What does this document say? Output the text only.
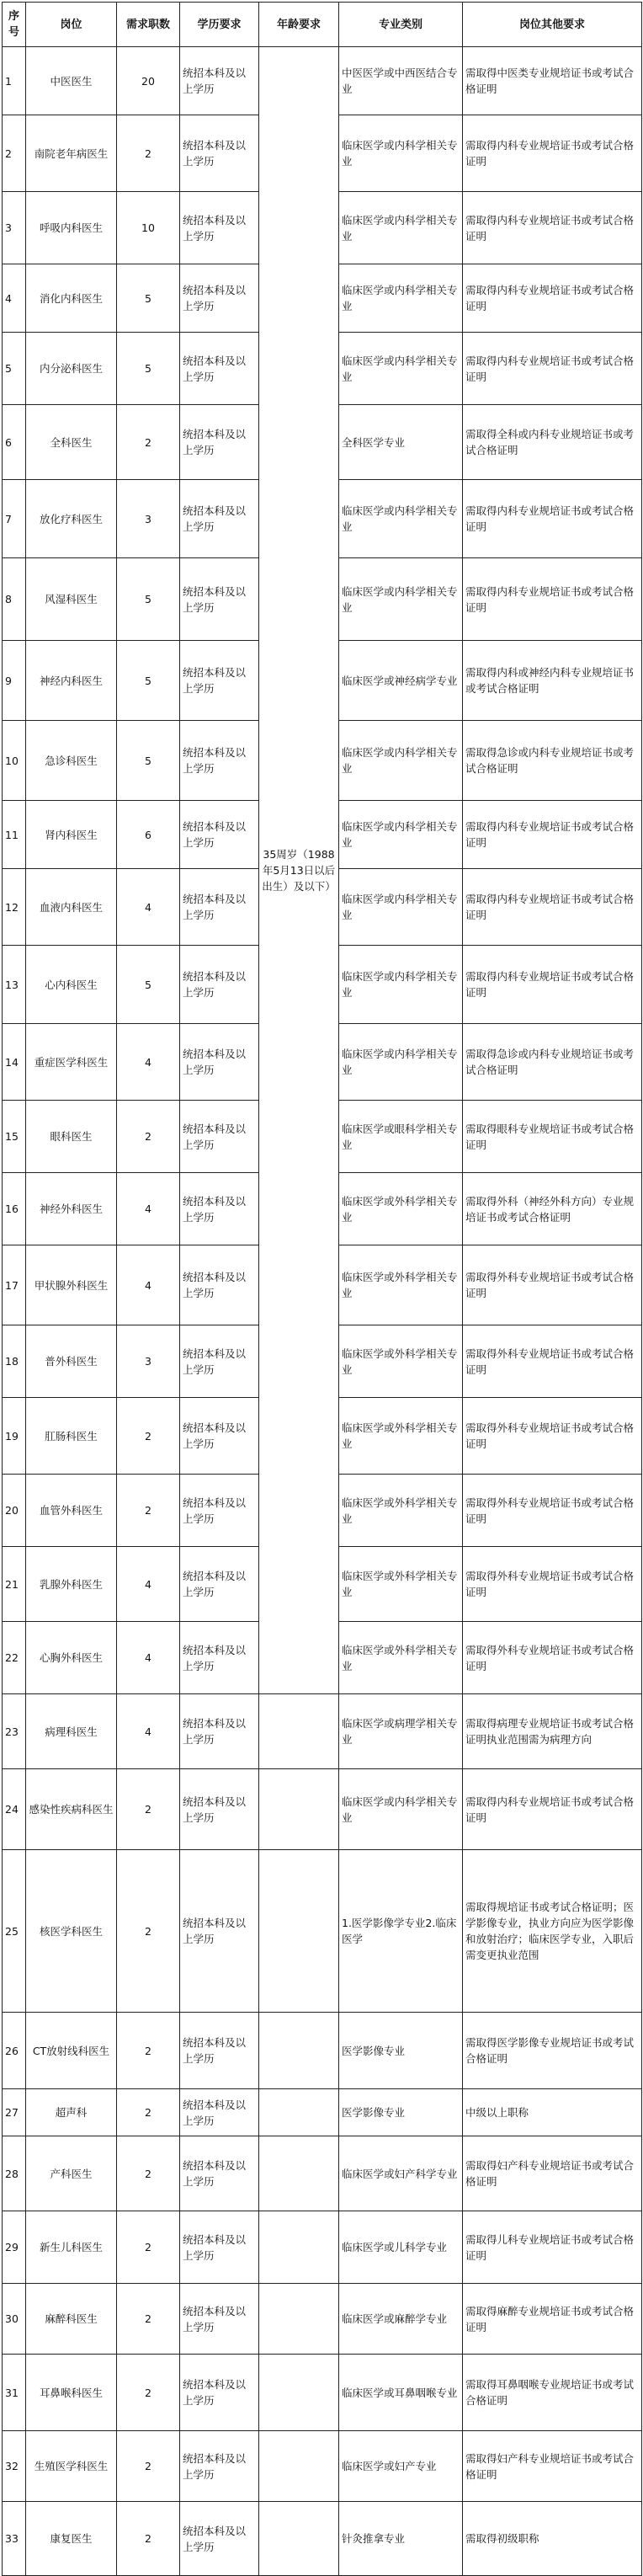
序号	岗位	需求职数	学历要求	年龄要求	专业类别	岗位其他要求
1	中医医生	20	统招本科及以上学历	35周岁（1988年5月13日以后出生）及以下）	中医医学或中西医结合专业	需取得中医类专业规培证书或考试合格证明
2	南院老年病医生	2	统招本科及以上学历		临床医学或内科学相关专业	需取得内科专业规培证书或考试合格证明
3	呼吸内科医生	10	统招本科及以上学历		临床医学或内科学相关专业	需取得内科专业规培证书或考试合格证明
4	消化内科医生	5	统招本科及以上学历		临床医学或内科学相关专业	需取得内科专业规培证书或考试合格证明
5	内分泌科医生	5	统招本科及以上学历		临床医学或内科学相关专业	需取得内科专业规培证书或考试合格证明
6	全科医生	2	统招本科及以上学历		全科医学专业	需取得全科或内科专业规培证书或考试合格证明
7	放化疗科医生	3	统招本科及以上学历		临床医学或内科学相关专业	需取得内科专业规培证书或考试合格证明
8	风湿科医生	5	统招本科及以上学历		临床医学或内科学相关专业	需取得内科专业规培证书或考试合格证明
9	神经内科医生	5	统招本科及以上学历		临床医学或神经病学专业	需取得内科或神经内科专业规培证书或考试合格证明
10	急诊科医生	5	统招本科及以上学历		临床医学或内科学相关专业	需取得急诊或内科专业规培证书或考试合格证明
11	肾内科医生	6	统招本科及以上学历		临床医学或内科学相关专业	需取得内科专业规培证书或考试合格证明
12	血液内科医生	4	统招本科及以上学历		临床医学或内科学相关专业	需取得内科专业规培证书或考试合格证明
13	心内科医生	5	统招本科及以上学历		临床医学或内科学相关专业	需取得内科专业规培证书或考试合格证明
14	重症医学科医生	4	统招本科及以上学历		临床医学或内科学相关专业	需取得急诊或内科专业规培证书或考试合格证明
15	眼科医生	2	统招本科及以上学历		临床医学或眼科学相关专业	需取得眼科专业规培证书或考试合格证明
16	神经外科医生	4	统招本科及以上学历		临床医学或外科学相关专业	需取得外科（神经外科方向）专业规培证书或考试合格证明
17	甲状腺外科医生	4	统招本科及以上学历		临床医学或外科学相关专业	需取得外科专业规培证书或考试合格证明
18	普外科医生	3	统招本科及以上学历		临床医学或外科学相关专业	需取得外科专业规培证书或考试合格证明
19	肛肠科医生	2	统招本科及以上学历		临床医学或外科学相关专业	需取得外科专业规培证书或考试合格证明
20	血管外科医生	2	统招本科及以上学历		临床医学或外科学相关专业	需取得外科专业规培证书或考试合格证明
21	乳腺外科医生	4	统招本科及以上学历		临床医学或外科学相关专业	需取得外科专业规培证书或考试合格证明
22	心胸外科医生	4	统招本科及以上学历		临床医学或外科学相关专业	需取得外科专业规培证书或考试合格证明
23	病理科医生	4	统招本科及以上学历		临床医学或病理学相关专业	需取得病理专业规培证书或考试合格证明执业范围需为病理方向
24	感染性疾病科医生	2	统招本科及以上学历		临床医学或内科学相关专业	需取得内科专业规培证书或考试合格证明
25	核医学科医生	2	统招本科及以上学历		1.医学影像学专业2.临床医学	需取得规培证书或考试合格证明；医学影像专业，执业方向应为医学影像和放射治疗；临床医学专业，入职后需变更执业范围
26	CT放射线科医生	2	统招本科及以上学历		医学影像专业	需取得医学影像专业规培证书或考试合格证明
27	超声科	2	统招本科及以上学历		医学影像专业	中级以上职称
28	产科医生	2	统招本科及以上学历		临床医学或妇产科学专业	需取得妇产科专业规培证书或考试合格证明
29	新生儿科医生	2	统招本科及以上学历		临床医学或儿科学专业	需取得儿科专业规培证书或考试合格证明
30	麻醉科医生	2	统招本科及以上学历		临床医学或麻醉学专业	需取得麻醉专业规培证书或考试合格证明
31	耳鼻喉科医生	2	统招本科及以上学历		临床医学或耳鼻咽喉专业	需取得耳鼻咽喉专业规培证书或考试合格证明
32	生殖医学科医生	2	统招本科及以上学历		临床医学或妇产专业	需取得妇产科专业规培证书或考试合格证明
33	康复医生	2	统招本科及以上学历		针灸推拿专业	需取得初级职称
